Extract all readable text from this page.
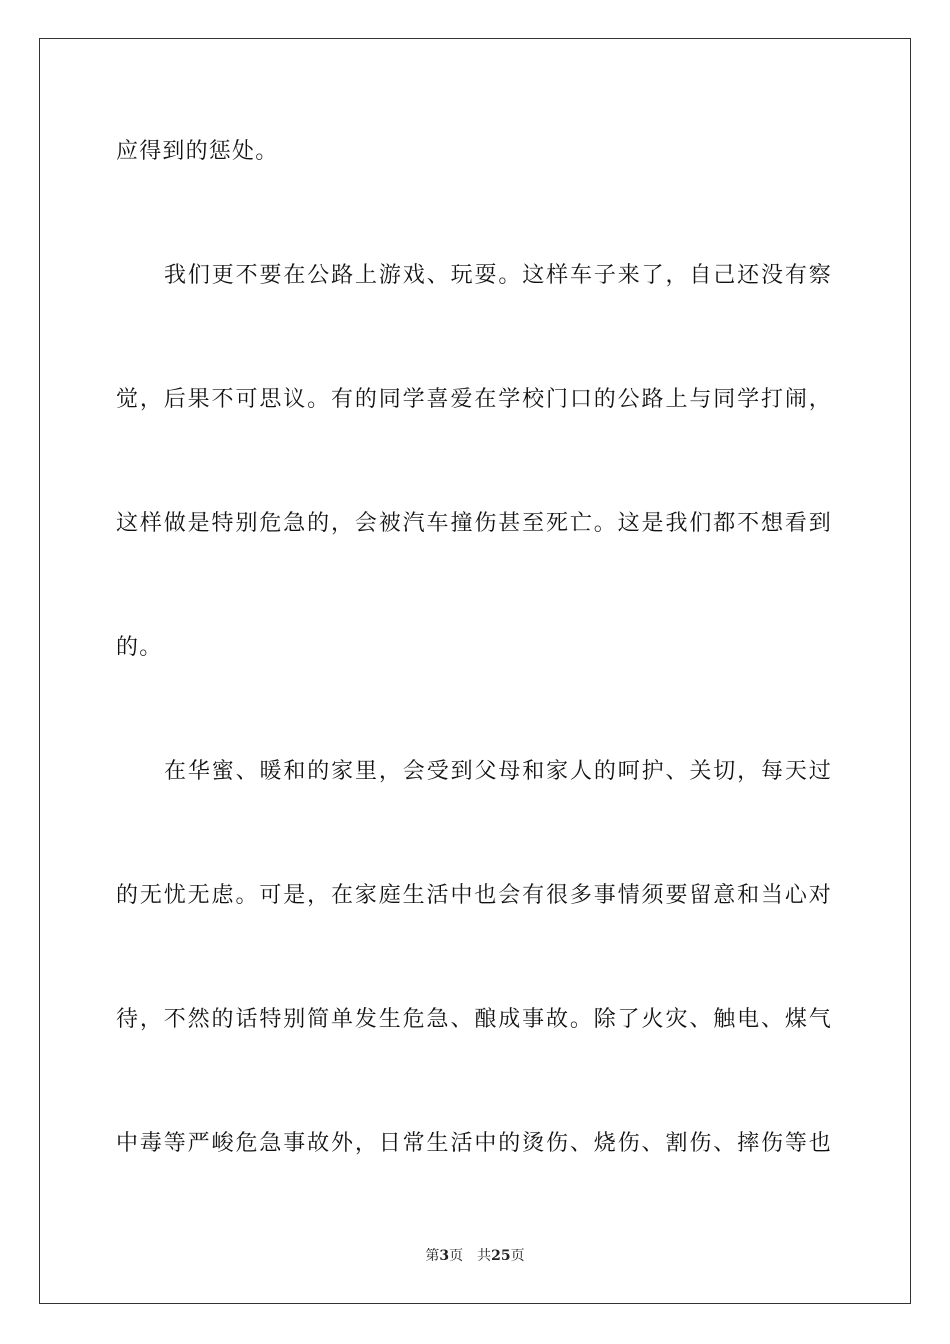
应得到的惩处。

我们更不要在公路上游戏、玩耍。这样车子来了，自己还没有察

觉，后果不可思议。有的同学喜爱在学校门口的公路上与同学打闹，

这样做是特别危急的，会被汽车撞伤甚至死亡。这是我们都不想看到

的。

在华蜜、暖和的家里，会受到父母和家人的呵护、关切，每天过

的无忧无虑。可是，在家庭生活中也会有很多事情须要留意和当心对

待，不然的话特别简单发生危急、酿成事故。除了火灾、触电、煤气

中毒等严峻危急事故外，日常生活中的烫伤、烧伤、割伤、摔伤等也

第3页 共25页
